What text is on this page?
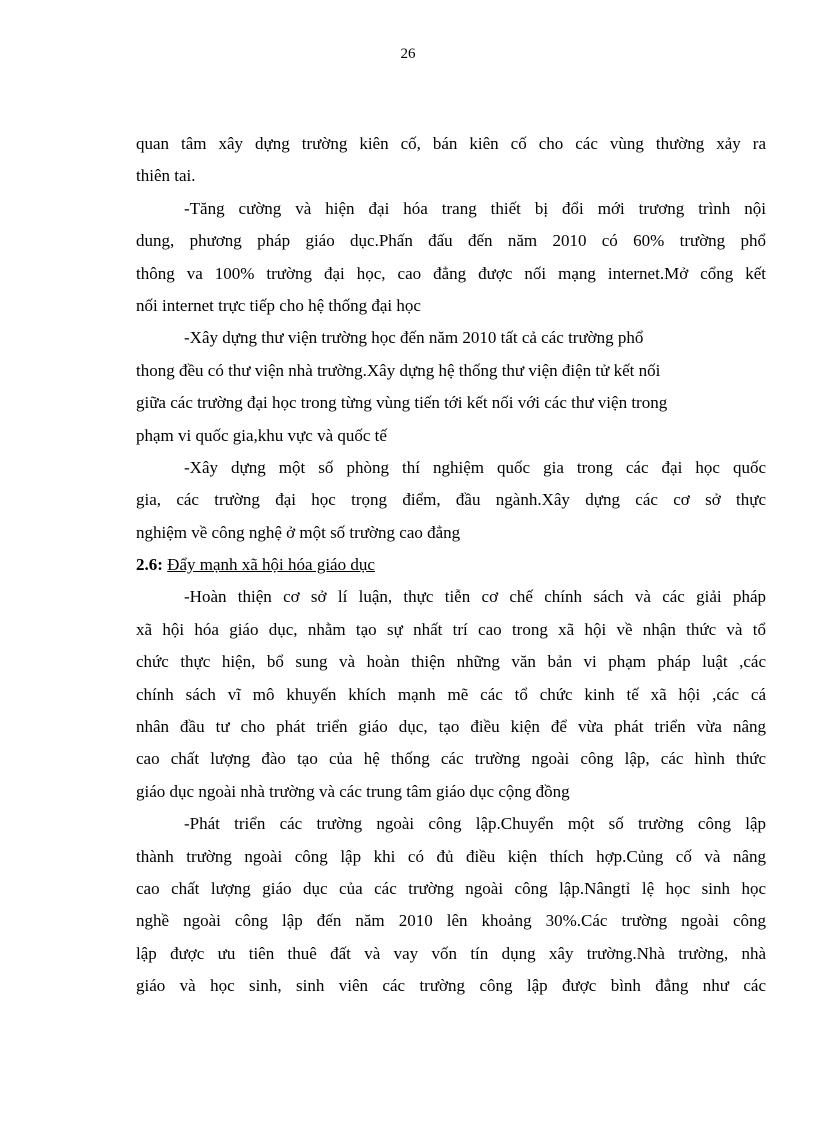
26
quan tâm xây dựng trường kiên cố, bán kiên cố cho các vùng thường xảy ra
thiên tai.
-Tăng cường và hiện đại hóa trang thiết bị đổi mới trương trình nội
dung, phương pháp giáo dục.Phấn đấu đến năm 2010 có 60% trường phổ
thông va 100% trường đại học, cao đẳng được nối mạng internet.Mở cổng kết
nối internet trực tiếp cho hệ thống đại học
-Xây dựng thư viện trường học đến năm 2010 tất cả các trường phổ
thong đều có thư viện nhà trường.Xây dựng hệ thống thư viện điện tử kết nối
giữa các trường đại học trong từng vùng tiến tới kết nối với các thư viện trong
phạm vi quốc gia,khu vực và quốc tế
-Xây dựng một số phòng thí nghiệm quốc gia trong các đại học quốc
gia, các trường đại học trọng điểm, đầu ngành.Xây dựng các cơ sở thực
nghiệm về công nghệ ở một số trường cao đẳng
2.6: Đẩy mạnh xã hội hóa giáo dục
-Hoàn thiện cơ sở lí luận, thực tiễn cơ chế chính sách và các giải pháp
xã hội hóa giáo dục, nhằm tạo sự nhất trí cao trong xã hội về nhận thức và tổ
chức thực hiện, bổ sung và hoàn thiện những văn bản vi phạm pháp luật ,các
chính sách vĩ mô khuyến khích mạnh mẽ các tổ chức kinh tế xã hội ,các cá
nhân đầu tư cho phát triển giáo dục, tạo điều kiện để vừa phát triển vừa nâng
cao chất lượng đào tạo của hệ thống các trường ngoài công lập, các hình thức
giáo dục ngoài nhà trường và các trung tâm giáo dục cộng đồng
-Phát triển các trường ngoài công lập.Chuyển một số trường công lập
thành trường ngoài công lập khi có đủ điều kiện thích hợp.Củng cố và nâng
cao chất lượng giáo dục của các trường ngoài công lập.Nângtỉ lệ học sinh học
nghề ngoài công lập đến năm 2010 lên khoảng 30%.Các trường ngoài công
lập được ưu tiên thuê đất và vay vốn tín dụng xây trường.Nhà trường, nhà
giáo và học sinh, sinh viên các trường công lập được bình đẳng như các
